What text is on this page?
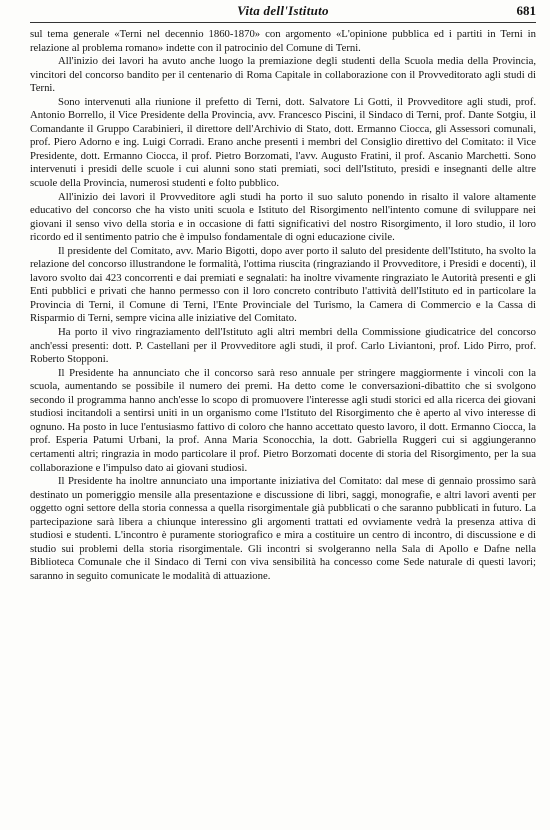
Vita dell'Istituto	681

sul tema generale «Terni nel decennio 1860-1870» con argomento «L'opinione pubblica ed i partiti in Terni in relazione al problema romano» indette con il patrocinio del Comune di Terni.

All'inizio dei lavori ha avuto anche luogo la premiazione degli studenti della Scuola media della Provincia, vincitori del concorso bandito per il centenario di Roma Capitale in collaborazione con il Provveditorato agli studi di Terni.

Sono intervenuti alla riunione il prefetto di Terni, dott. Salvatore Li Gotti, il Provveditore agli studi, prof. Antonio Borrello, il Vice Presidente della Provincia, avv. Francesco Piscini, il Sindaco di Terni, prof. Dante Sotgiu, il Comandante il Gruppo Carabinieri, il direttore dell'Archivio di Stato, dott. Ermanno Ciocca, gli Assessori comunali, prof. Piero Adorno e ing. Luigi Corradi. Erano anche presenti i membri del Consiglio direttivo del Comitato: il Vice Presidente, dott. Ermanno Ciocca, il prof. Pietro Borzomati, l'avv. Augusto Fratini, il prof. Ascanio Marchetti. Sono intervenuti i presidi delle scuole i cui alunni sono stati premiati, soci dell'Istituto, presidi e insegnanti delle altre scuole della Provincia, numerosi studenti e folto pubblico.

All'inizio dei lavori il Provveditore agli studi ha porto il suo saluto ponendo in risalto il valore altamente educativo del concorso che ha visto uniti scuola e Istituto del Risorgimento nell'intento comune di sviluppare nei giovani il senso vivo della storia e in occasione di fatti significativi del nostro Risorgimento, il loro studio, il loro ricordo ed il sentimento patrio che è impulso fondamentale di ogni educazione civile.

Il presidente del Comitato, avv. Mario Bigotti, dopo aver porto il saluto del presidente dell'Istituto, ha svolto la relazione del concorso illustrandone le formalità, l'ottima riuscita (ringraziando il Provveditore, i Presidi e docenti), il lavoro svolto dai 423 concorrenti e dai premiati e segnalati: ha inoltre vivamente ringraziato le Autorità presenti e gli Enti pubblici e privati che hanno permesso con il loro concreto contributo l'attività dell'Istituto ed in particolare la Provincia di Terni, il Comune di Terni, l'Ente Provinciale del Turismo, la Camera di Commercio e la Cassa di Risparmio di Terni, sempre vicina alle iniziative del Comitato.

Ha porto il vivo ringraziamento dell'Istituto agli altri membri della Commissione giudicatrice del concorso anch'essi presenti: dott. P. Castellani per il Provveditore agli studi, il prof. Carlo Liviantoni, prof. Lido Pirro, prof. Roberto Stopponi.

Il Presidente ha annunciato che il concorso sarà reso annuale per stringere maggiormente i vincoli con la scuola, aumentando se possibile il numero dei premi. Ha detto come le conversazioni-dibattito che si svolgono secondo il programma hanno anch'esse lo scopo di promuovere l'interesse agli studi storici ed alla ricerca dei giovani studiosi incitandoli a sentirsi uniti in un organismo come l'Istituto del Risorgimento che è aperto al vivo interesse di ognuno. Ha posto in luce l'entusiasmo fattivo di coloro che hanno accettato questo lavoro, il dott. Ermanno Ciocca, la prof. Esperia Patumi Urbani, la prof. Anna Maria Sconocchia, la dott. Gabriella Ruggeri cui si aggiungeranno certamenti altri; ringrazia in modo particolare il prof. Pietro Borzomati docente di storia del Risorgimento, per la sua collaborazione e l'impulso dato ai giovani studiosi.

Il Presidente ha inoltre annunciato una importante iniziativa del Comitato: dal mese di gennaio prossimo sarà destinato un pomeriggio mensile alla presentazione e discussione di libri, saggi, monografie, e altri lavori aventi per oggetto ogni settore della storia connessa a quella risorgimentale già pubblicati o che saranno pubblicati in futuro. La partecipazione sarà libera a chiunque interessino gli argomenti trattati ed ovviamente vedrà la presenza attiva di studiosi e studenti. L'incontro è puramente storiografico e mira a costituire un centro di incontro, di discussione e di studio sui problemi della storia risorgimentale. Gli incontri si svolgeranno nella Sala di Apollo e Dafne nella Biblioteca Comunale che il Sindaco di Terni con viva sensibilità ha concesso come Sede naturale di questi lavori; saranno in seguito comunicate le modalità di attuazione.
